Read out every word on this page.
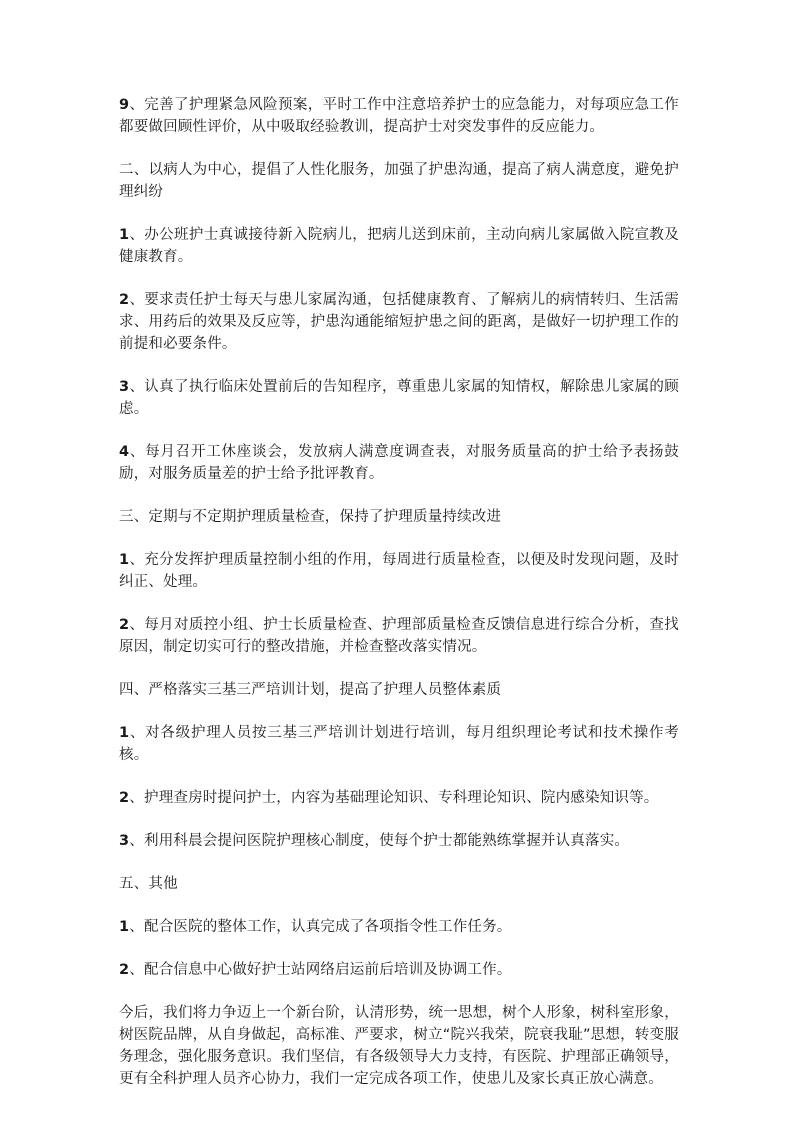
9、完善了护理紧急风险预案，平时工作中注意培养护士的应急能力，对每项应急工作都要做回顾性评价，从中吸取经验教训，提高护士对突发事件的反应能力。

二、以病人为中心，提倡了人性化服务，加强了护患沟通，提高了病人满意度，避免护理纠纷

1、办公班护士真诚接待新入院病儿，把病儿送到床前，主动向病儿家属做入院宣教及健康教育。

2、要求责任护士每天与患儿家属沟通，包括健康教育、了解病儿的病情转归、生活需求、用药后的效果及反应等，护患沟通能缩短护患之间的距离，是做好一切护理工作的前提和必要条件。

3、认真了执行临床处置前后的告知程序，尊重患儿家属的知情权，解除患儿家属的顾虑。

4、每月召开工休座谈会，发放病人满意度调查表，对服务质量高的护士给予表扬鼓励，对服务质量差的护士给予批评教育。

三、定期与不定期护理质量检查，保持了护理质量持续改进

1、充分发挥护理质量控制小组的作用，每周进行质量检查，以便及时发现问题，及时纠正、处理。

2、每月对质控小组、护士长质量检查、护理部质量检查反馈信息进行综合分析，查找原因，制定切实可行的整改措施，并检查整改落实情况。

四、严格落实三基三严培训计划，提高了护理人员整体素质

1、对各级护理人员按三基三严培训计划进行培训，每月组织理论考试和技术操作考核。

2、护理查房时提问护士，内容为基础理论知识、专科理论知识、院内感染知识等。

3、利用科晨会提问医院护理核心制度，使每个护士都能熟练掌握并认真落实。

五、其他

1、配合医院的整体工作，认真完成了各项指令性工作任务。

2、配合信息中心做好护士站网络启运前后培训及协调工作。

今后，我们将力争迈上一个新台阶，认清形势，统一思想，树个人形象，树科室形象，树医院品牌，从自身做起，高标准、严要求，树立“院兴我荣，院衰我耻”思想，转变服务理念，强化服务意识。我们坚信，有各级领导大力支持，有医院、护理部正确领导，更有全科护理人员齐心协力，我们一定完成各项工作，使患儿及家长真正放心满意。
